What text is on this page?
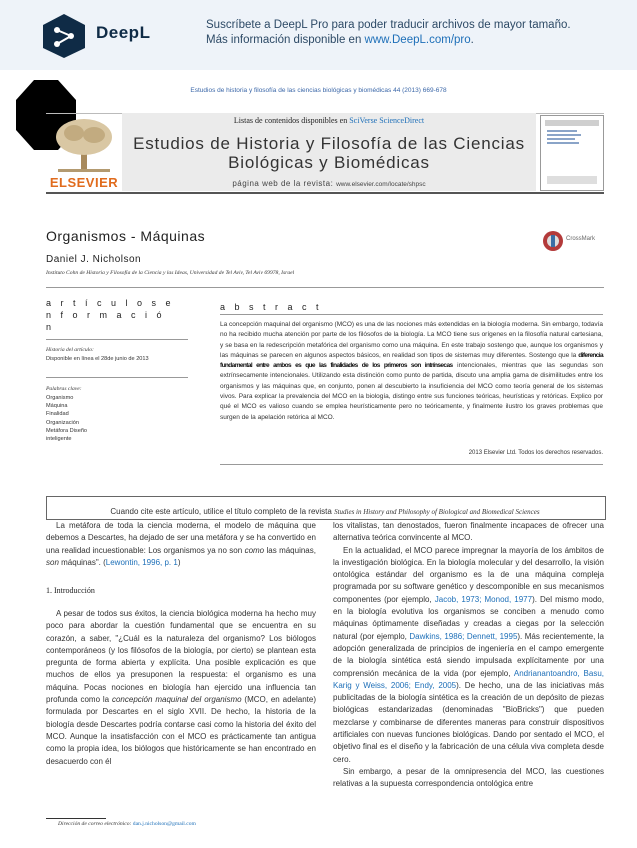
DeepL	Suscríbete a DeepL Pro para poder traducir archivos de mayor tamaño.
Más información disponible en www.DeepL.com/pro.
Estudios de historia y filosofía de las ciencias biológicas y biomédicas 44 (2013) 669-678
ELSEVIER
Listas de contenidos disponibles en SciVerse ScienceDirect
Estudios de Historia y Filosofía de las Ciencias
Biológicas y Biomédicas
página web de la revista: www.elsevier.com/locate/shpsc
Organismos - Máquinas	CrossMark
Daniel J. Nicholson
Instituto Cohn de Historia y Filosofía de la Ciencia y las Ideas, Universidad de Tel Aviv, Tel Aviv 69978, Israel
a r t í c u l o s e
n f o r m a c i ó
n
Historia del artículo:
Disponible en línea el 28de junio de 2013
Palabras clave:
Organismo
Máquina
Finalidad
Organización
Metáfora Diseño
inteligente
a b s t r a c t
La concepción maquinal del organismo (MCO) es una de las nociones más extendidas en la biología moderna. Sin embargo, todavía no ha recibido mucha atención por parte de los filósofos de la biología. La MCO tiene sus orígenes en la filosofía natural cartesiana, y se basa en la redescripción metafórica del organismo como una máquina. En este trabajo sostengo que, aunque los organismos y las máquinas se parecen en algunos aspectos básicos, en realidad son tipos de sistemas muy diferentes. Sostengo que la diferencia fundamental entre ambos es que las finalidades de los primeros son intrínsecas intencionales, mientras que las segundas son extrínsecamente intencionales. Utilizando esta distinción como punto de partida, discuto una amplia gama de disimilitudes entre los organismos y las máquinas que, en conjunto, ponen al descubierto la insuficiencia del MCO como teoría general de los sistemas vivos. Para explicar la prevalencia del MCO en la biología, distingo entre sus funciones teóricas, heurísticas y retóricas. Explico por qué el MCO es valioso cuando se emplea heurísticamente pero no teóricamente, y finalmente ilustro los graves problemas que surgen de la apelación retórica al MCO.
2013 Elsevier Ltd. Todos los derechos reservados.
Cuando cite este artículo, utilice el título completo de la revista Studies in History and Philosophy of Biological and Biomedical Sciences

La metáfora de toda la ciencia moderna, el modelo de máquina que debemos a Descartes, ha dejado de ser una metáfora y se ha convertido en una realidad incuestionable: Los organismos ya no son como las máquinas, son máquinas". (Lewontin, 1996, p. 1)

1. Introducción

A pesar de todos sus éxitos, la ciencia biológica moderna ha hecho muy poco para abordar la cuestión fundamental que se encuentra en su corazón, a saber, "¿Cuál es la naturaleza del organismo? Los biólogos contemporáneos (y los filósofos de la biología, por cierto) se plantean esta pregunta de forma abierta y explícita. Una posible explicación es que muchos de ellos ya presuponen la respuesta: el organismo es una máquina. Pocas nociones en biología han ejercido una influencia tan profunda como la concepción maquinal del organismo (MCO, en adelante) formulada por Descartes en el siglo XVII. De hecho, la historia de la biología desde Descartes podría contarse casi como la historia del éxito del MCO. Aunque la insatisfacción con el MCO es prácticamente tan antigua como la propia idea, los biólogos que históricamente se han encontrado en desacuerdo con él

los vitalistas, tan denostados, fueron finalmente incapaces de ofrecer una alternativa teórica convincente al MCO.

En la actualidad, el MCO parece impregnar la mayoría de los ámbitos de la investigación biológica. En la biología molecular y del desarrollo, la visión ontológica estándar del organismo es la de una máquina compleja programada por su software genético y descomponible en sus mecanismos componentes (por ejemplo, Jacob, 1973; Monod, 1977). Del mismo modo, en la biología evolutiva los organismos se conciben a menudo como máquinas óptimamente diseñadas y creadas a ciegas por la selección natural (por ejemplo, Dawkins, 1986; Dennett, 1995). Más recientemente, la adopción generalizada de principios de ingeniería en el campo emergente de la biología sintética está siendo impulsada explícitamente por una comprensión mecánica de la vida (por ejemplo, Andrianantoandro, Basu, Karig y Weiss, 2006; Endy, 2005). De hecho, una de las iniciativas más publicitadas de la biología sintética es la creación de un depósito de piezas biológicas estandarizadas (denominadas "BioBricks") que pueden mezclarse y combinarse de diferentes maneras para construir dispositivos artificiales con nuevas funciones biológicas. Dando por sentado el MCO, el objetivo final es el diseño y la fabricación de una célula viva completa desde cero.

Sin embargo, a pesar de la omnipresencia del MCO, las cuestiones relativas a la supuesta correspondencia ontológica entre

Dirección de correo electrónico: dan.j.nicholson@gmail.com
